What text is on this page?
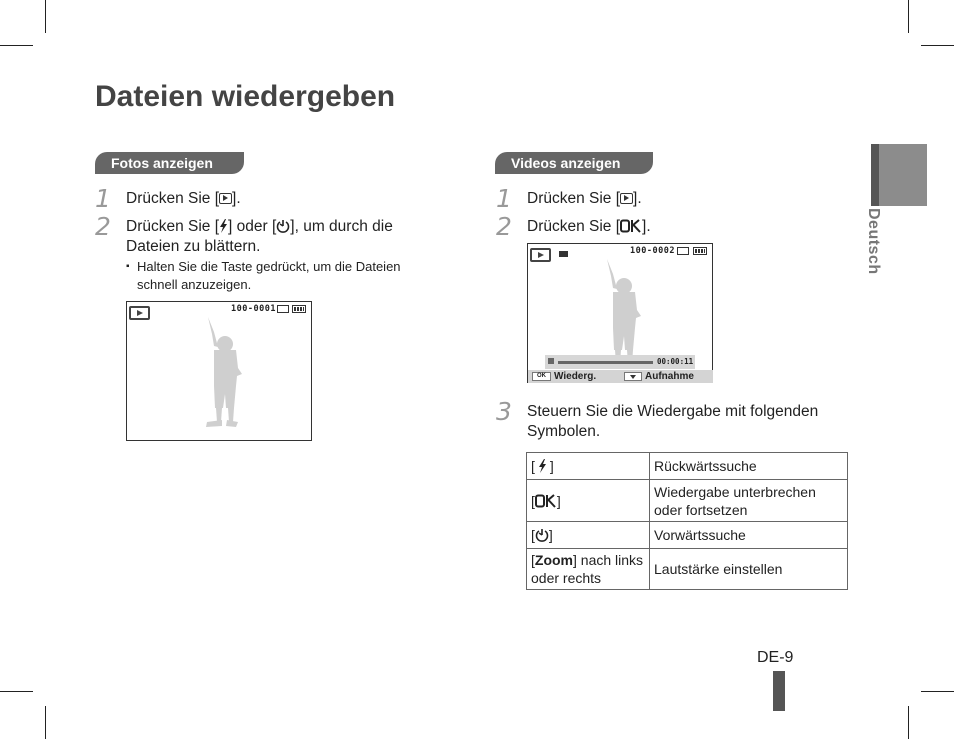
Dateien wiedergeben
Deutsch
Fotos anzeigen
1 Drücken Sie [ ].
2 Drücken Sie [ ] oder [ ], um durch die
Dateien zu blättern.
▪ Halten Sie die Taste gedrückt, um die Dateien schnell anzuzeigen.
100-0001
Videos anzeigen
1 Drücken Sie [ ].
2 Drücken Sie [ ].
100-0002
00:00:11
OK Wiederg.	Aufnahme
3 Steuern Sie die Wiedergabe mit folgenden Symbolen.
[ ]	Rückwärtssuche
[ ]	Wiedergabe unterbrechen oder fortsetzen
[ ]	Vorwärtssuche
[Zoom] nach links oder rechts	Lautstärke einstellen
DE-9
